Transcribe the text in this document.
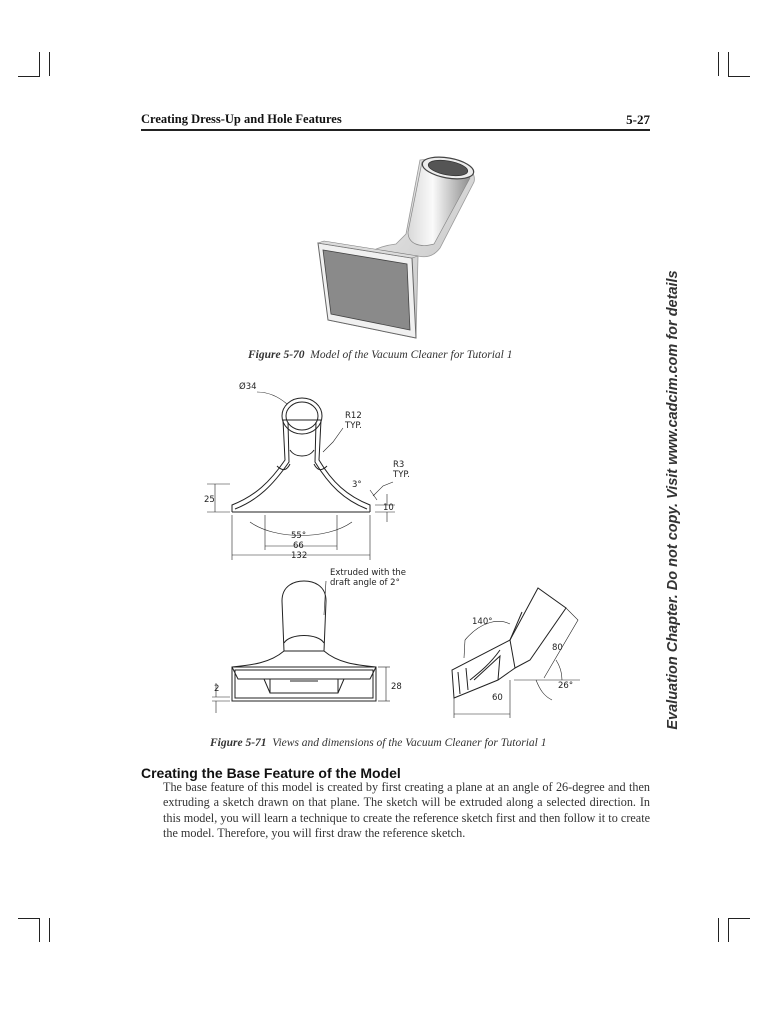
Creating Dress-Up and Hole Features	5-27
Figure 5-70 Model of the Vacuum Cleaner for Tutorial 1
Ø34
R12
TYP.
R3
TYP.
3°
25
10
55°
66
132
Extruded with the
draft angle of 2°
2	28
140°
80
26°
60
Figure 5-71 Views and dimensions of the Vacuum Cleaner for Tutorial 1
Creating the Base Feature of the Model
The base feature of this model is created by first creating a plane at an angle of 26-degree and then extruding a sketch drawn on that plane. The sketch will be extruded along a selected direction. In this model, you will learn a technique to create the reference sketch first and then follow it to create the model. Therefore, you will first draw the reference sketch.
Evaluation Chapter. Do not copy. Visit www.cadcim.com for details
